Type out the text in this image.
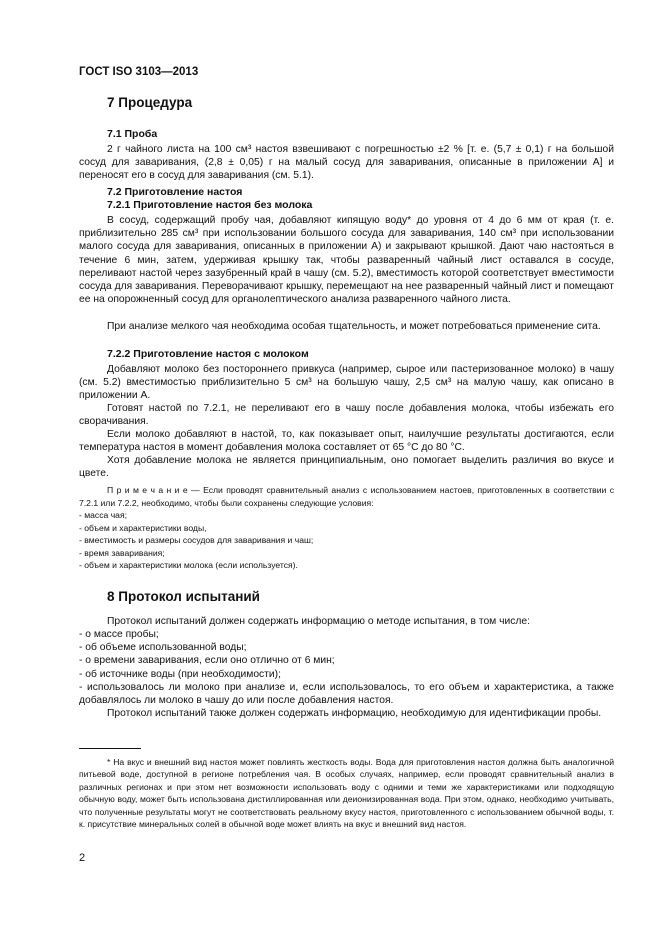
ГОСТ ISO 3103—2013
7 Процедура
7.1 Проба

2 г чайного листа на 100 см³ настоя взвешивают с погрешностью ±2 % [т. е. (5,7 ± 0,1) г на большой сосуд для заваривания, (2,8 ± 0,05) г на малый сосуд для заваривания, описанные в приложении А] и переносят его в сосуд для заваривания (см. 5.1).

7.2 Приготовление настоя
7.2.1 Приготовление настоя без молока

В сосуд, содержащий пробу чая, добавляют кипящую воду* до уровня от 4 до 6 мм от края (т. е. приблизительно 285 см³ при использовании большого сосуда для заваривания, 140 см³ при использовании малого сосуда для заваривания, описанных в приложении А) и закрывают крышкой. Дают чаю настояться в течение 6 мин, затем, удерживая крышку так, чтобы разваренный чайный лист оставался в сосуде, переливают настой через зазубренный край в чашу (см. 5.2), вместимость которой соответствует вместимости сосуда для заваривания. Переворачивают крышку, перемещают на нее разваренный чайный лист и помещают ее на опорожненный сосуд для органолептического анализа разваренного чайного листа.

При анализе мелкого чая необходима особая тщательность, и может потребоваться применение сита.

7.2.2 Приготовление настоя с молоком

Добавляют молоко без постороннего привкуса (например, сырое или пастеризованное молоко) в чашу (см. 5.2) вместимостью приблизительно 5 см³ на большую чашу, 2,5 см³ на малую чашу, как описано в приложении А.

Готовят настой по 7.2.1, не переливают его в чашу после добавления молока, чтобы избежать его сворачивания.

Если молоко добавляют в настой, то, как показывает опыт, наилучшие результаты достигаются, если температура настоя в момент добавления молока составляет от 65 °С до 80 °С.

Хотя добавление молока не является принципиальным, оно помогает выделить различия во вкусе и цвете.

П р и м е ч а н и е — Если проводят сравнительный анализ с использованием настоев, приготовленных в соответствии с 7.2.1 или 7.2.2, необходимо, чтобы были сохранены следующие условия:

- масса чая;
- объем и характеристики воды,
- вместимость и размеры сосудов для заваривания и чаш;
- время заваривания;
- объем и характеристики молока (если используется).
8 Протокол испытаний

Протокол испытаний должен содержать информацию о методе испытания, в том числе:

- о массе пробы;
- об объеме использованной воды;
- о времени заваривания, если оно отлично от 6 мин;
- об источнике воды (при необходимости);

- использовалось ли молоко при анализе и, если использовалось, то его объем и характеристика, а также добавлялось ли молоко в чашу до или после добавления настоя.

Протокол испытаний также должен содержать информацию, необходимую для идентификации пробы.

* На вкус и внешний вид настоя может повлиять жесткость воды. Вода для приготовления настоя должна быть аналогичной питьевой воде, доступной в регионе потребления чая. В особых случаях, например, если проводят сравнительный анализ в различных регионах и при этом нет возможности использовать воду с одними и теми же характеристиками или подходящую обычную воду, может быть использована дистиллированная или деионизированная вода. При этом, однако, необходимо учитывать, что полученные результаты могут не соответствовать реальному вкусу настоя, приготовленного с использованием обычной воды, т. к. присутствие минеральных солей в обычной воде может влиять на вкус и внешний вид настоя.

2
